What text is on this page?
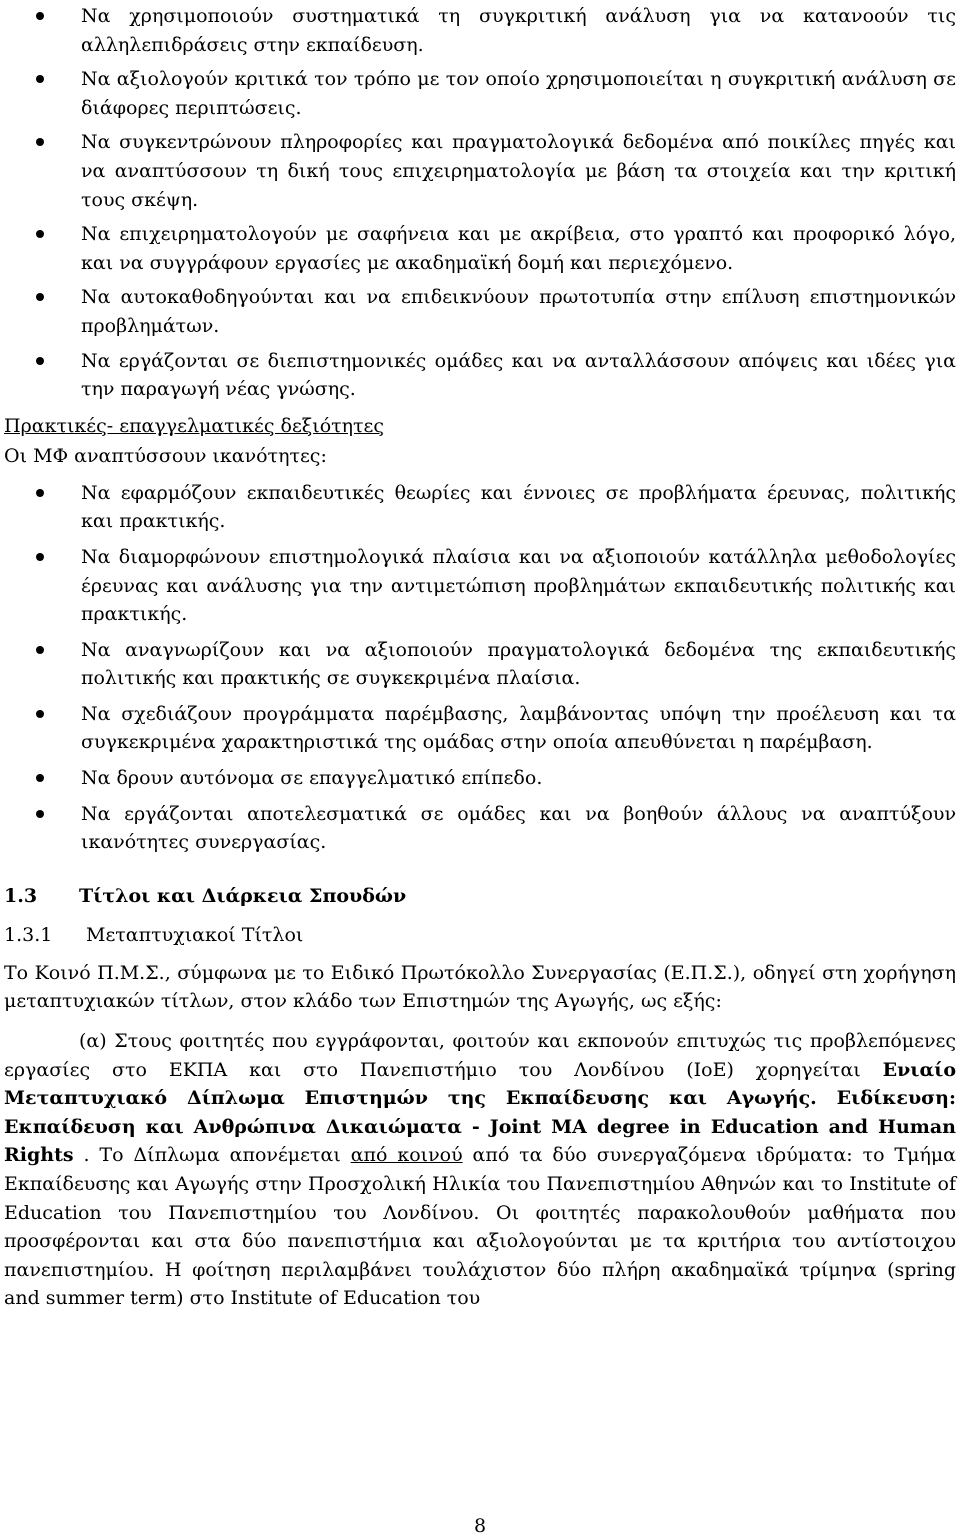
Να χρησιμοποιούν συστηματικά τη συγκριτική ανάλυση για να κατανοούν τις αλληλεπιδράσεις στην εκπαίδευση.
Να αξιολογούν κριτικά τον τρόπο με τον οποίο χρησιμοποιείται η συγκριτική ανάλυση σε διάφορες περιπτώσεις.
Να συγκεντρώνουν πληροφορίες και πραγματολογικά δεδομένα από ποικίλες πηγές και να αναπτύσσουν τη δική τους επιχειρηματολογία με βάση τα στοιχεία και την κριτική τους σκέψη.
Να επιχειρηματολογούν με σαφήνεια και με ακρίβεια, στο γραπτό και προφορικό λόγο, και να συγγράφουν εργασίες με ακαδημαϊκή δομή και περιεχόμενο.
Να αυτοκαθοδηγούνται και να επιδεικνύουν πρωτοτυπία στην επίλυση επιστημονικών προβλημάτων.
Να εργάζονται σε διεπιστημονικές ομάδες και να ανταλλάσσουν απόψεις και ιδέες για την παραγωγή νέας γνώσης.
Πρακτικές- επαγγελματικές δεξιότητες
Οι ΜΦ αναπτύσσουν ικανότητες:
Να εφαρμόζουν εκπαιδευτικές θεωρίες και έννοιες σε προβλήματα έρευνας, πολιτικής και πρακτικής.
Να διαμορφώνουν επιστημολογικά πλαίσια και να αξιοποιούν κατάλληλα μεθοδολογίες έρευνας και ανάλυσης για την αντιμετώπιση προβλημάτων εκπαιδευτικής πολιτικής και πρακτικής.
Να αναγνωρίζουν και να αξιοποιούν πραγματολογικά δεδομένα της εκπαιδευτικής πολιτικής και πρακτικής σε συγκεκριμένα πλαίσια.
Να σχεδιάζουν προγράμματα παρέμβασης, λαμβάνοντας υπόψη την προέλευση και τα συγκεκριμένα χαρακτηριστικά της ομάδας στην οποία απευθύνεται η παρέμβαση.
Να δρουν αυτόνομα σε επαγγελματικό επίπεδο.
Να εργάζονται αποτελεσματικά σε ομάδες και να βοηθούν άλλους να αναπτύξουν ικανότητες συνεργασίας.
1.3	Τίτλοι και Διάρκεια Σπουδών
1.3.1	Μεταπτυχιακοί Τίτλοι

Το Κοινό Π.Μ.Σ., σύμφωνα με το Ειδικό Πρωτόκολλο Συνεργασίας (Ε.Π.Σ.), οδηγεί στη χορήγηση μεταπτυχιακών τίτλων, στον κλάδο των Επιστημών της Αγωγής, ως εξής:

(α) Στους φοιτητές που εγγράφονται, φοιτούν και εκπονούν επιτυχώς τις προβλεπόμενες εργασίες στο ΕΚΠΑ και στο Πανεπιστήμιο του Λονδίνου (IoE) χορηγείται Ενιαίο Μεταπτυχιακό Δίπλωμα Επιστημών της Εκπαίδευσης και Αγωγής. Ειδίκευση: Εκπαίδευση και Ανθρώπινα Δικαιώματα - Joint MA degree in Education and Human Rights . Το Δίπλωμα απονέμεται από κοινού από τα δύο συνεργαζόμενα ιδρύματα: το Τμήμα Εκπαίδευσης και Αγωγής στην Προσχολική Ηλικία του Πανεπιστημίου Αθηνών και το Institute of Education του Πανεπιστημίου του Λονδίνου. Οι φοιτητές παρακολουθούν μαθήματα που προσφέρονται και στα δύο πανεπιστήμια και αξιολογούνται με τα κριτήρια του αντίστοιχου πανεπιστημίου. Η φοίτηση περιλαμβάνει τουλάχιστον δύο πλήρη ακαδημαϊκά τρίμηνα (spring and summer term) στο Institute of Education του

8
